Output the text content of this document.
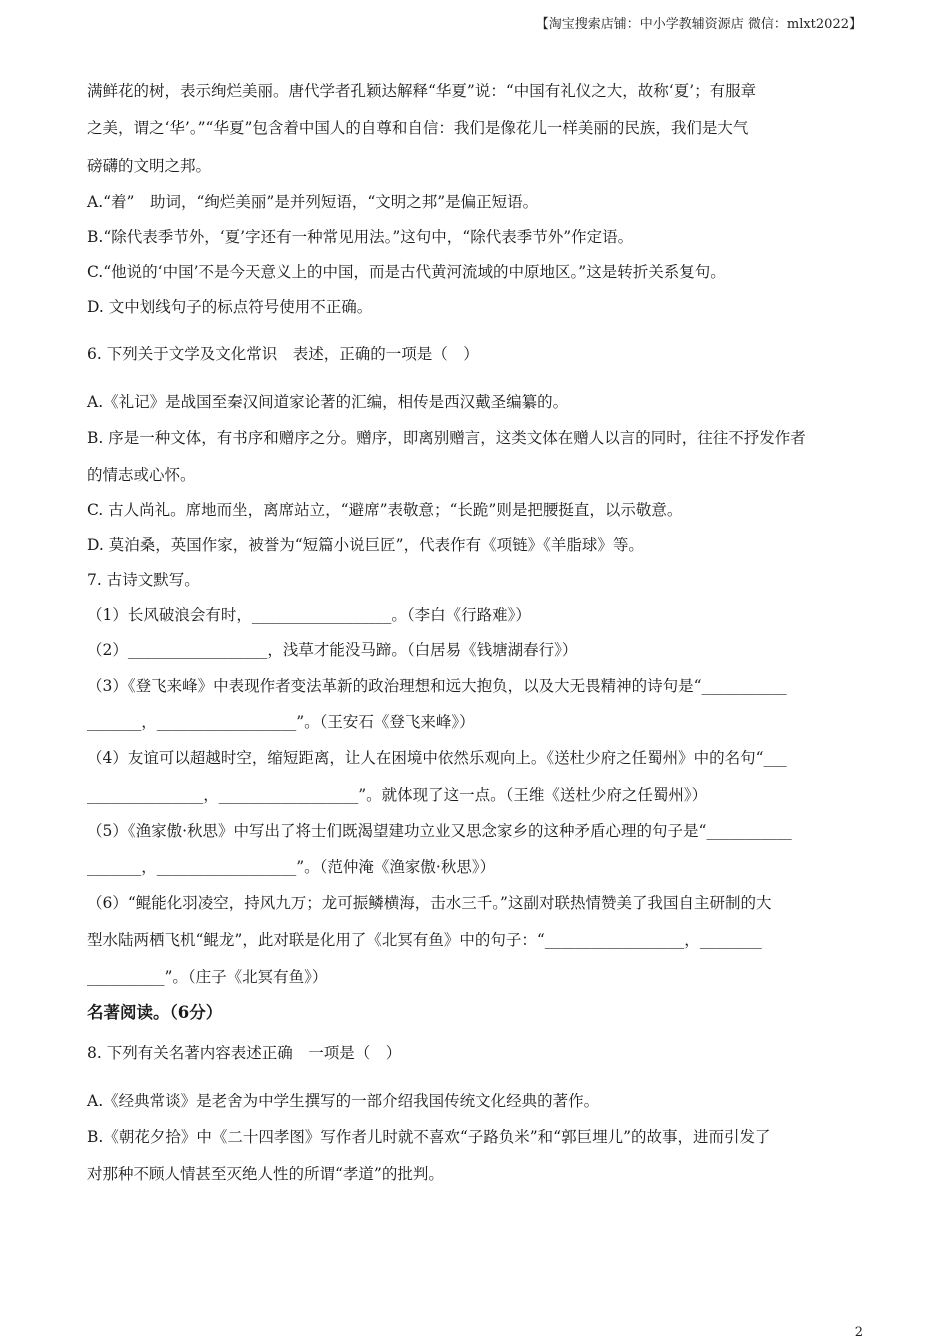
【淘宝搜索店铺：中小学教辅资源店 微信：mlxt2022】
满鲜花的树，表示绚烂美丽。唐代学者孔颖达解释“华夏”说：“中国有礼仪之大，故称‘夏’；有服章
之美，谓之‘华’。”“华夏”包含着中国人的自尊和自信：我们是像花儿一样美丽的民族，我们是大气
磅礴的文明之邦。
A.“着”　助词，“绚烂美丽”是并列短语，“文明之邦”是偏正短语。
B.“除代表季节外，‘夏’字还有一种常见用法。”这句中，“除代表季节外”作定语。
C.“他说的‘中国’不是今天意义上的中国，而是古代黄河流域的中原地区。”这是转折关系复句。
D. 文中划线句子的标点符号使用不正确。
6. 下列关于文学及文化常识　表述，正确的一项是（　）
A.《礼记》是战国至秦汉间道家论著的汇编，相传是西汉戴圣编纂的。
B. 序是一种文体，有书序和赠序之分。赠序，即离别赠言，这类文体在赠人以言的同时，往往不抒发作者
的情志或心怀。
C. 古人尚礼。席地而坐，离席站立，“避席”表敬意；“长跪”则是把腰挺直，以示敬意。
D. 莫泊桑，英国作家，被誉为“短篇小说巨匠”，代表作有《项链》《羊脂球》等。
7. 古诗文默写。
（1）长风破浪会有时，__________________。（李白《行路难》）
（2）__________________，浅草才能没马蹄。（白居易《钱塘湖春行》）
（3）《登飞来峰》中表现作者变法革新的政治理想和远大抱负，以及大无畏精神的诗句是“___________
_______，__________________”。（王安石《登飞来峰》）
（4）友谊可以超越时空，缩短距离，让人在困境中依然乐观向上。《送杜少府之任蜀州》中的名句“___
_______________，__________________”。就体现了这一点。（王维《送杜少府之任蜀州》）
（5）《渔家傲·秋思》中写出了将士们既渴望建功立业又思念家乡的这种矛盾心理的句子是“___________
_______，__________________”。（范仲淹《渔家傲·秋思》）
（6）“鲲能化羽凌空，持风九万；龙可振鳞横海，击水三千。”这副对联热情赞美了我国自主研制的大
型水陆两栖飞机“鲲龙”，此对联是化用了《北冥有鱼》中的句子：“__________________，________
__________”。（庄子《北冥有鱼》）
名著阅读。（6分）
8. 下列有关名著内容表述正确　一项是（　）
A.《经典常谈》是老舍为中学生撰写的一部介绍我国传统文化经典的著作。
B.《朝花夕拾》中《二十四孝图》写作者儿时就不喜欢“子路负米”和“郭巨埋儿”的故事，进而引发了
对那种不顾人情甚至灭绝人性的所谓“孝道”的批判。
2
